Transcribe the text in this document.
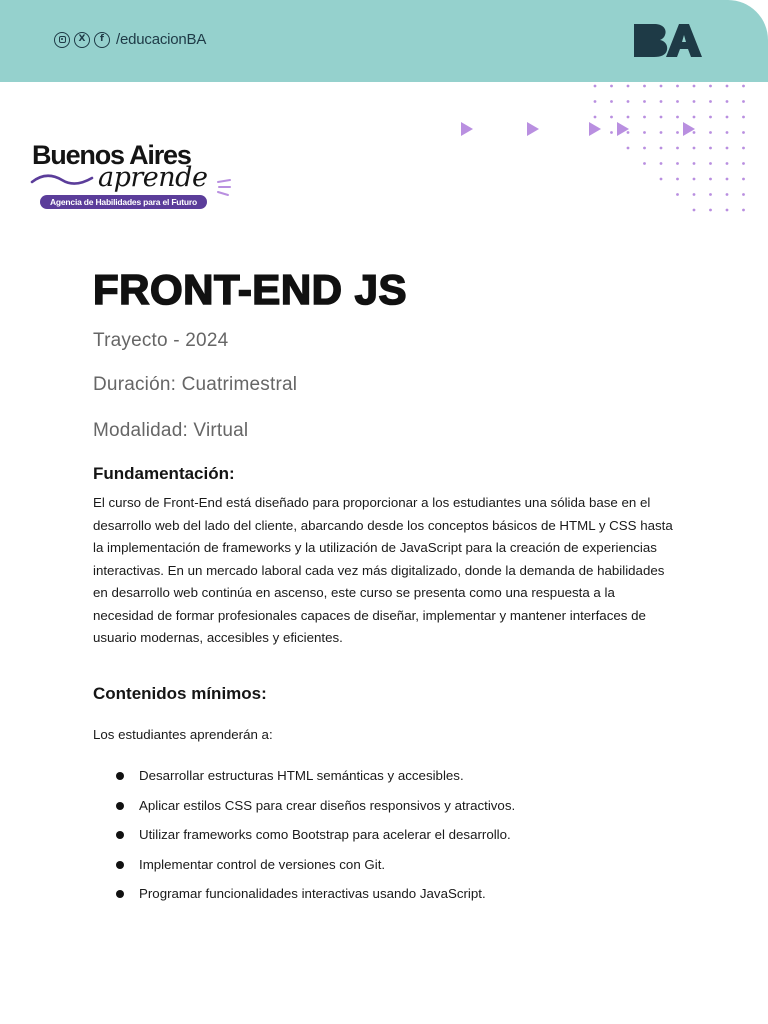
X	f /educacionBA
Buenos Aires
aprende
Agencia de Habilidades para el Futuro
FRONT-END JS
Trayecto - 2024
Duración: Cuatrimestral
Modalidad: Virtual
Fundamentación:
El curso de Front-End está diseñado para proporcionar a los estudiantes una sólida base en el desarrollo web del lado del cliente, abarcando desde los conceptos básicos de HTML y CSS hasta la implementación de frameworks y la utilización de JavaScript para la creación de experiencias interactivas. En un mercado laboral cada vez más digitalizado, donde la demanda de habilidades en desarrollo web continúa en ascenso, este curso se presenta como una respuesta a la necesidad de formar profesionales capaces de diseñar, implementar y mantener interfaces de usuario modernas, accesibles y eficientes.
Contenidos mínimos:
Los estudiantes aprenderán a:
Desarrollar estructuras HTML semánticas y accesibles.
Aplicar estilos CSS para crear diseños responsivos y atractivos.
Utilizar frameworks como Bootstrap para acelerar el desarrollo.
Implementar control de versiones con Git.
Programar funcionalidades interactivas usando JavaScript.
